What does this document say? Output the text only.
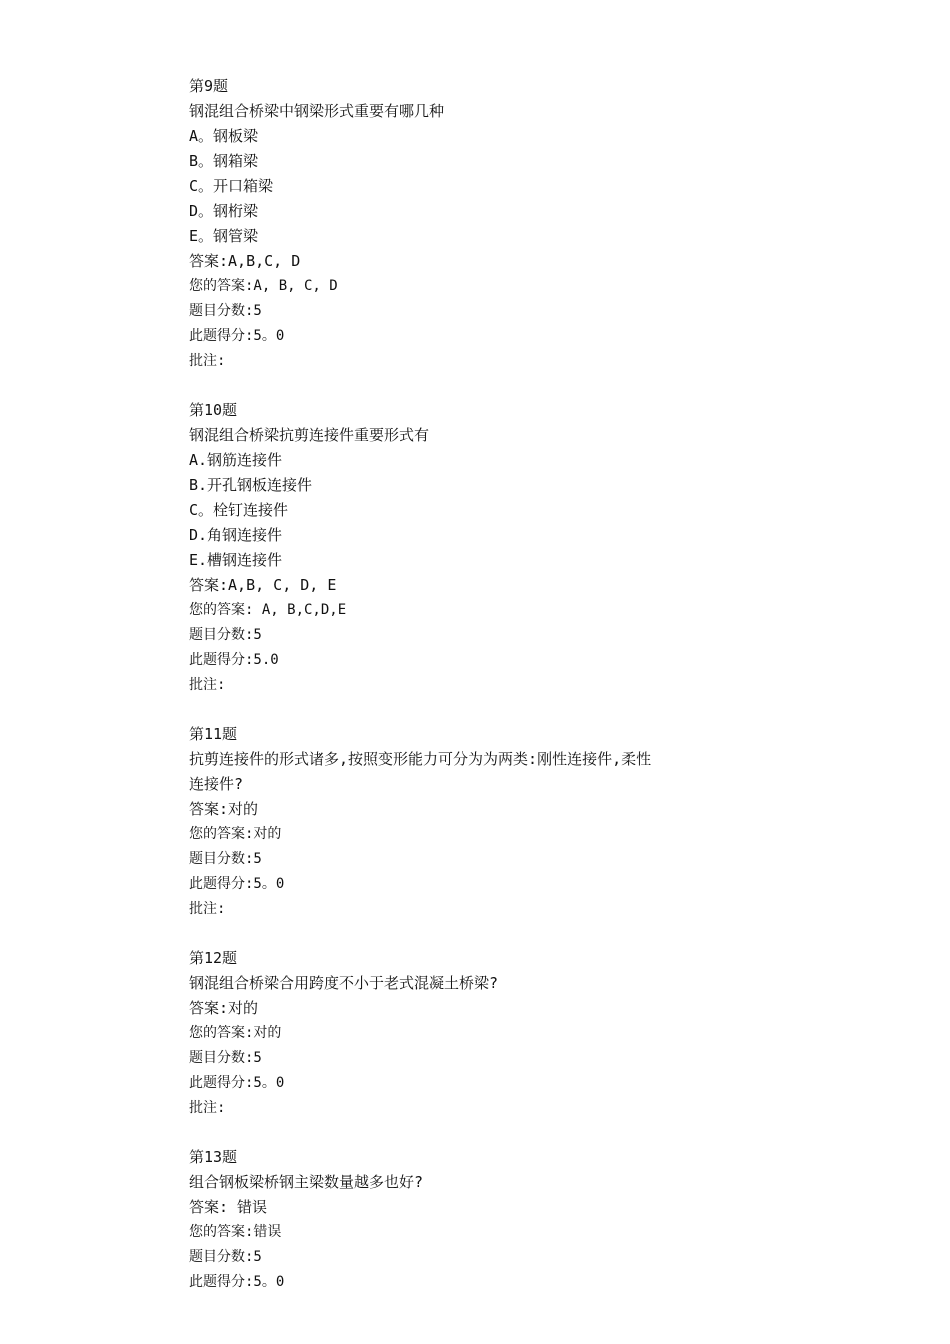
第9题
钢混组合桥梁中钢梁形式重要有哪几种
A。钢板梁
B。钢箱梁
C。开口箱梁
D。钢桁梁
E。钢管梁
答案:A,B,C, D
您的答案:A, B, C, D
题目分数:5
此题得分:5。0
批注:
第10题
钢混组合桥梁抗剪连接件重要形式有
A.钢筋连接件
B.开孔钢板连接件
C。栓钉连接件
D.角钢连接件
E.槽钢连接件
答案:A,B, C, D, E
您的答案: A, B,C,D,E
题目分数:5
此题得分:5.0
批注:
第11题
抗剪连接件的形式诸多,按照变形能力可分为为两类:刚性连接件,柔性
连接件?
答案:对的
您的答案:对的
题目分数:5
此题得分:5。0
批注:
第12题
钢混组合桥梁合用跨度不小于老式混凝土桥梁?
答案:对的
您的答案:对的
题目分数:5
此题得分:5。0
批注:
第13题
组合钢板梁桥钢主梁数量越多也好?
答案: 错误
您的答案:错误
题目分数:5
此题得分:5。0
